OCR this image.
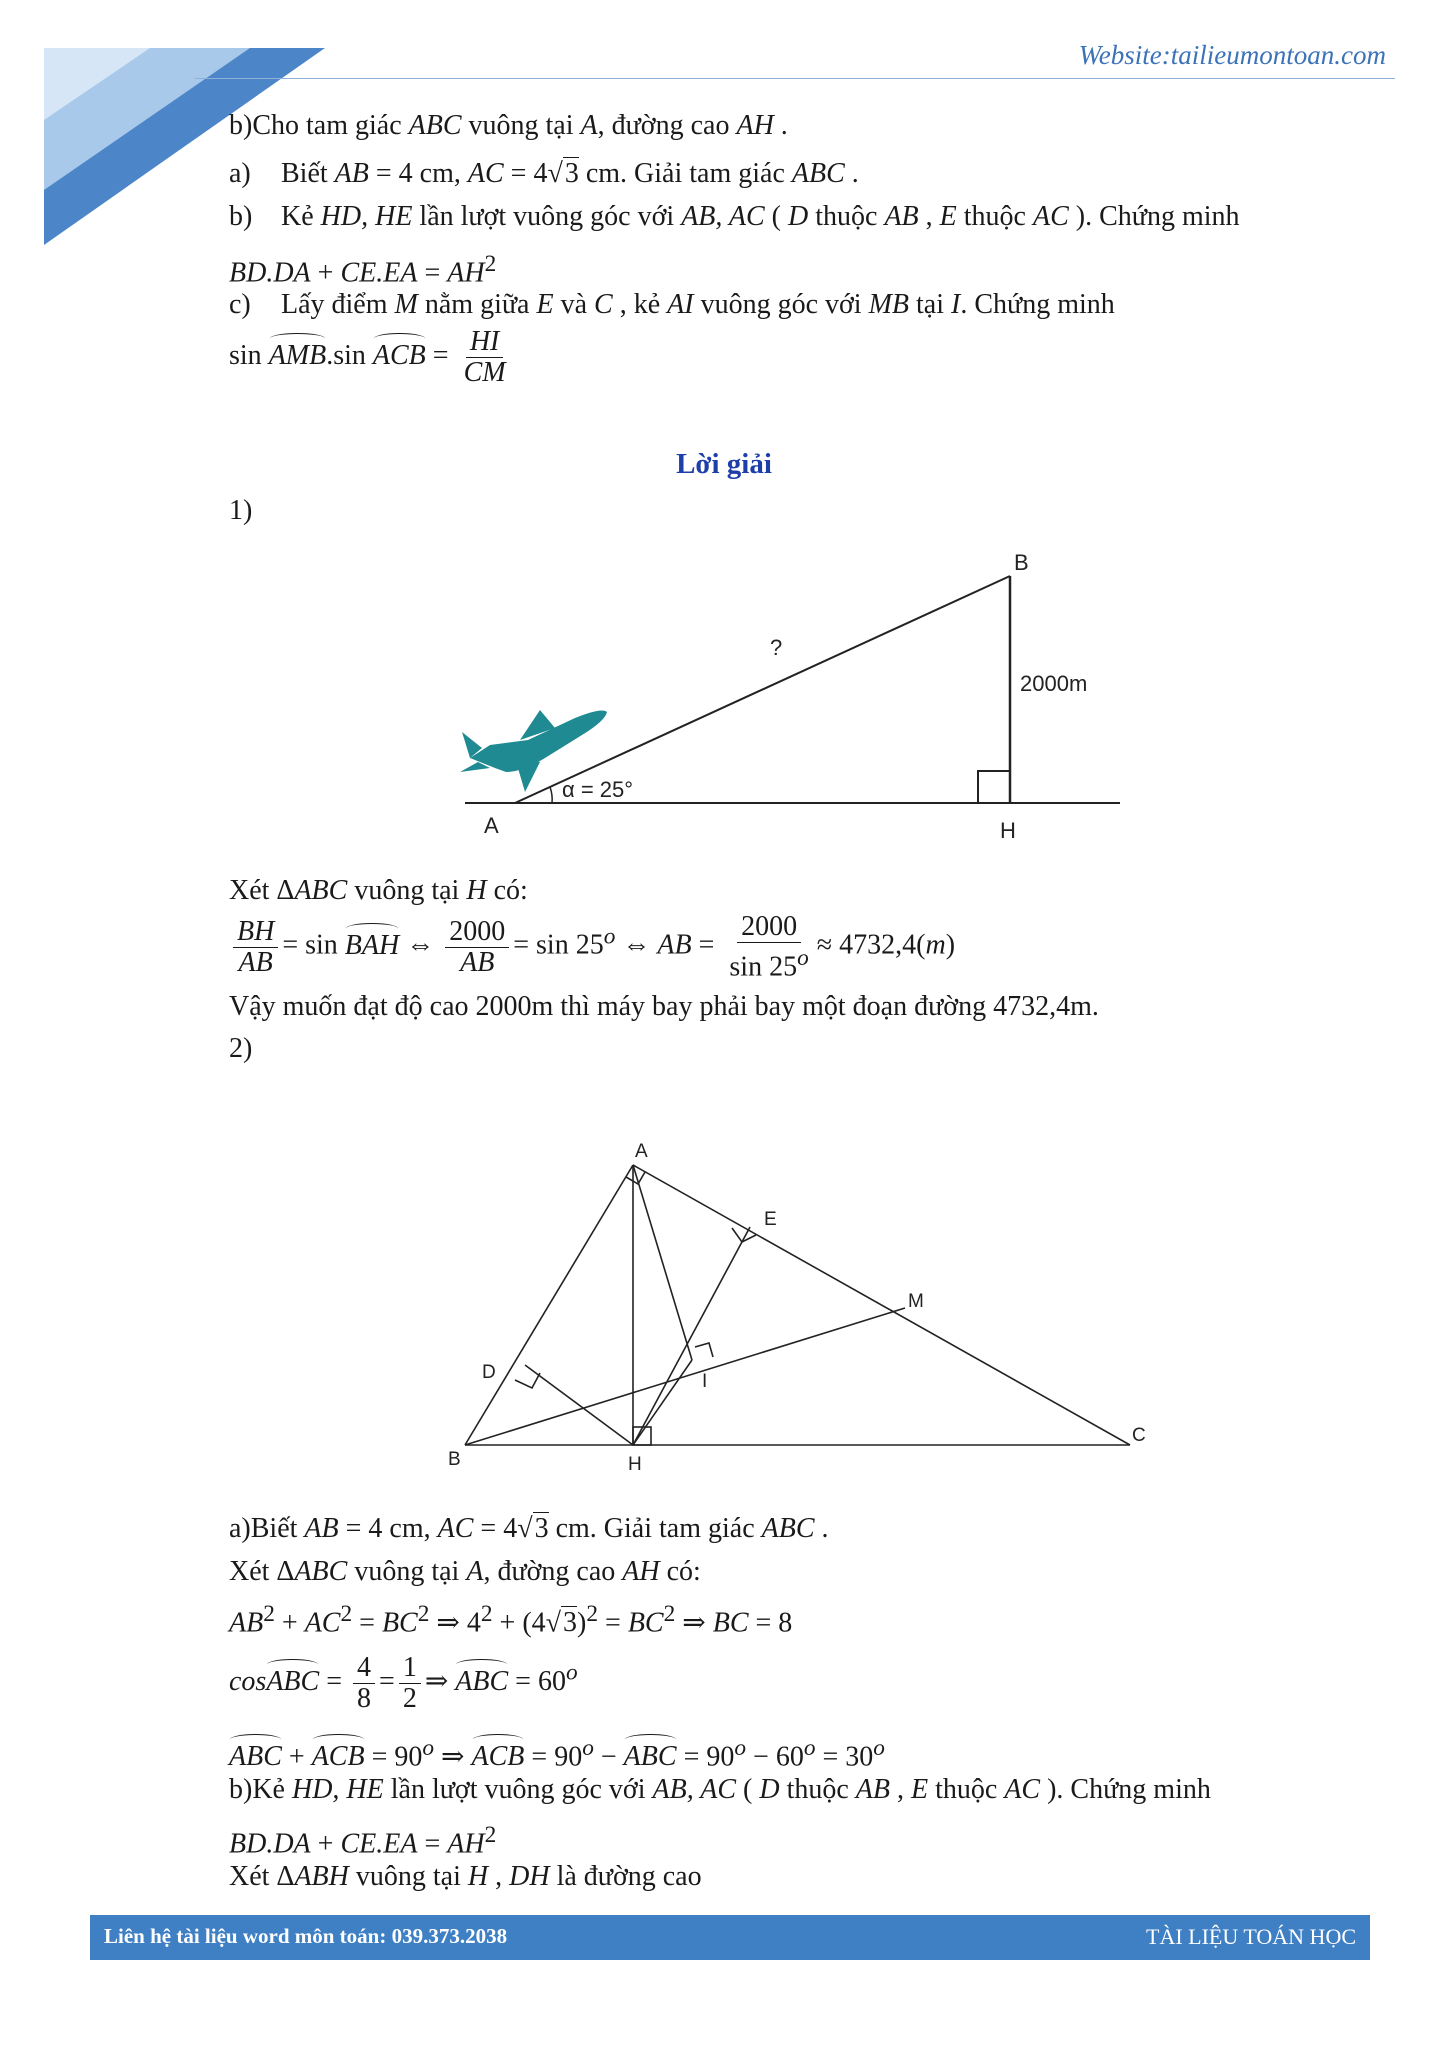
Website:tailieumontoan.com
b)Cho tam giác ABC vuông tại A, đường cao AH .
a) Biết AB = 4 cm, AC = 4√3 cm. Giải tam giác ABC .
b) Kẻ HD, HE lần lượt vuông góc với AB, AC ( D thuộc AB , E thuộc AC ). Chứng minh
$BD.DA + CE.EA = AH^2$
c) Lấy điểm M nằm giữa E và C , kẻ AI vuông góc với MB tại I. Chứng minh
sin AMB.sin ACB = $\frac{HI}{CM}$
Lời giải
1)
A
B
H
2000m
?
α = 25°
Xét ΔABC vuông tại H có:
$\frac{BH}{AB} = \sin$ BAH ⇔ $\frac{2000}{AB} = \sin 25^o$ ⇔ AB = $\frac{2000}{\sin 25^o} \approx 4732,4(m)$
Vậy muốn đạt độ cao 2000m thì máy bay phải bay một đoạn đường 4732,4m.
2)
A
B
C
D
E
H
I
M
a)Biết AB = 4 cm, AC = 4√3 cm. Giải tam giác ABC .
Xét ΔABC vuông tại A, đường cao AH có:
$AB^2 + AC^2 = BC^2$ ⇒ $4^2 + (4√3)^2 = BC^2$ ⇒ BC = 8
cosABC = $\frac{4}{8} = \frac{1}{2}$ ⇒ ABC = $60^o$
ABC + ACB = $90^o$ ⇒ ACB = $90^o$ − ABC = $90^o - 60^o = 30^o$
b)Kẻ HD, HE lần lượt vuông góc với AB, AC ( D thuộc AB , E thuộc AC ). Chứng minh
$BD.DA + CE.EA = AH^2$
Xét ΔABH vuông tại H , DH là đường cao
Liên hệ tài liệu word môn toán: 039.373.2038	TÀI LIỆU TOÁN HỌC
